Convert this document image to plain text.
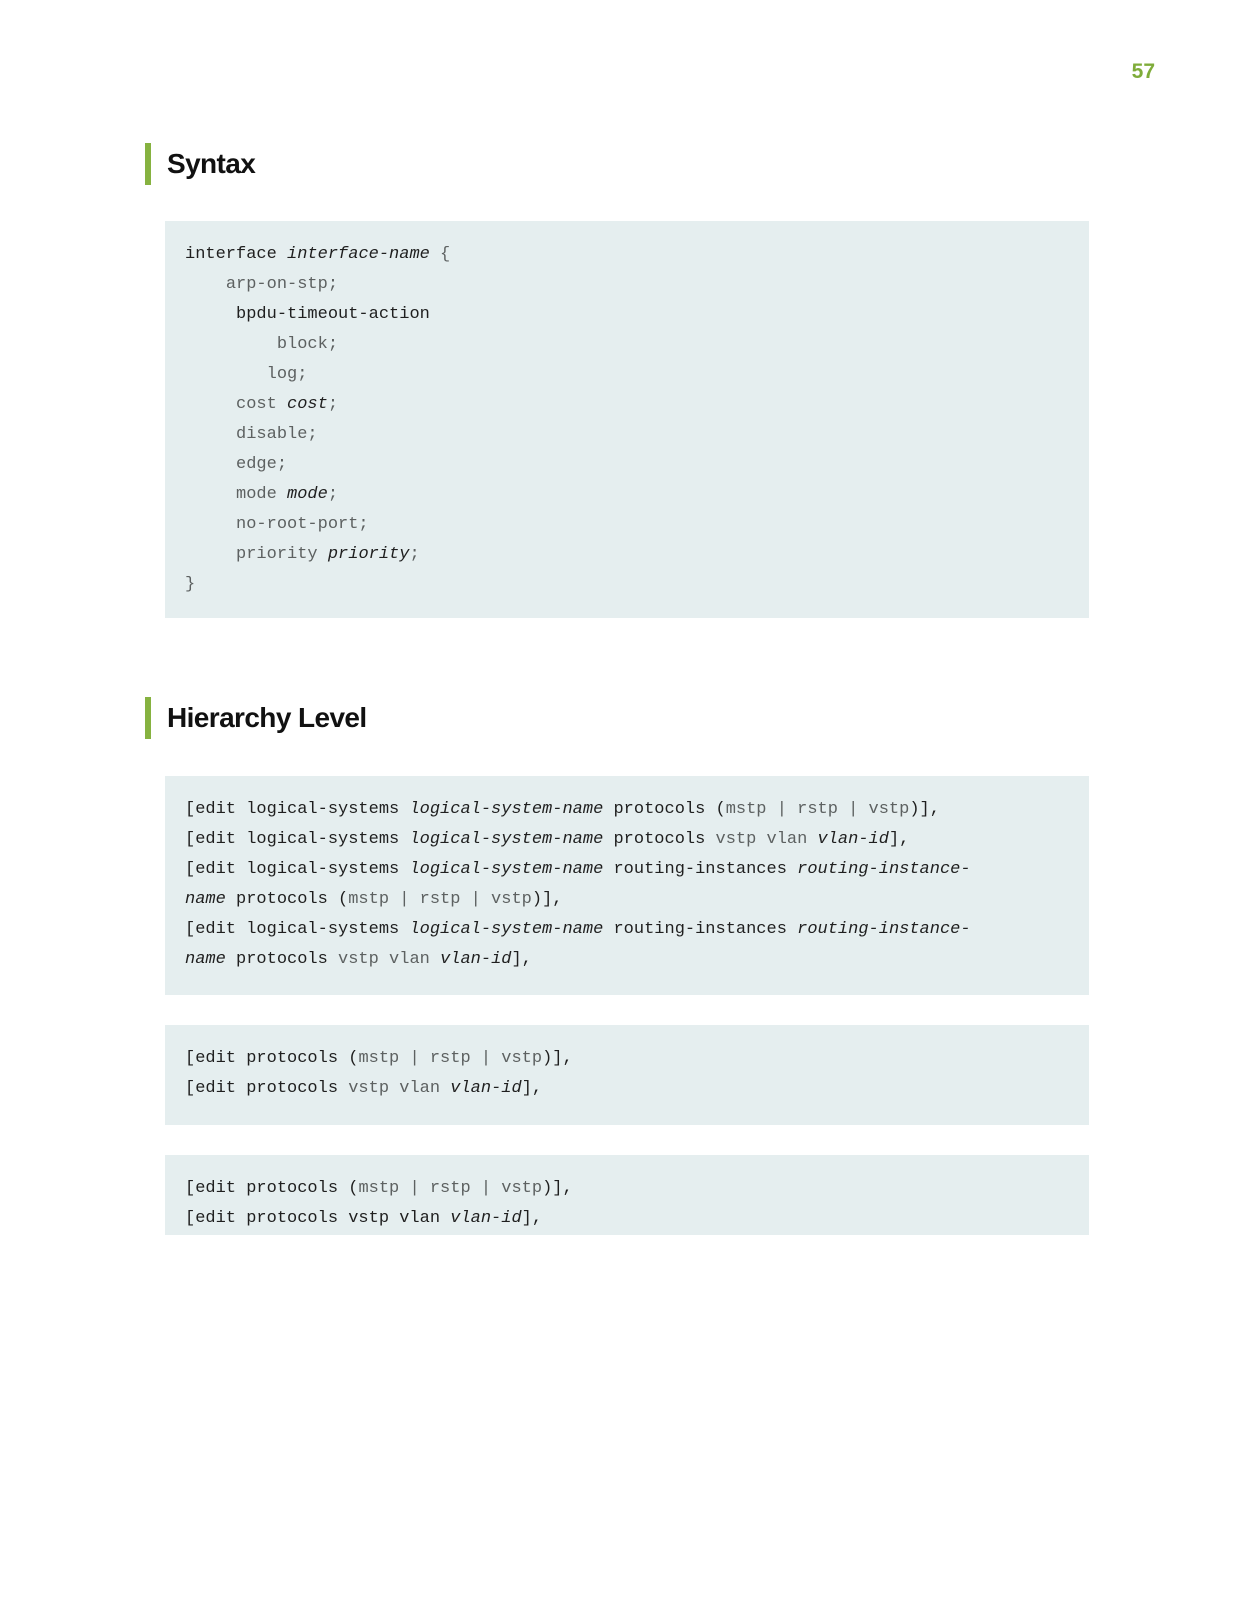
57
Syntax
interface interface-name {
arp-on-stp;
bpdu-timeout-action
block;
log;
cost cost;
disable;
edge;
mode mode;
no-root-port;
priority priority;
}
Hierarchy Level
[edit logical-systems logical-system-name protocols (mstp | rstp | vstp)],
[edit logical-systems logical-system-name protocols vstp vlan vlan-id],
[edit logical-systems logical-system-name routing-instances routing-instance-
name protocols (mstp | rstp | vstp)],
[edit logical-systems logical-system-name routing-instances routing-instance-
name protocols vstp vlan vlan-id],
[edit protocols (mstp | rstp | vstp)],
[edit protocols vstp vlan vlan-id],
[edit protocols (mstp | rstp | vstp)],
[edit protocols vstp vlan vlan-id],
